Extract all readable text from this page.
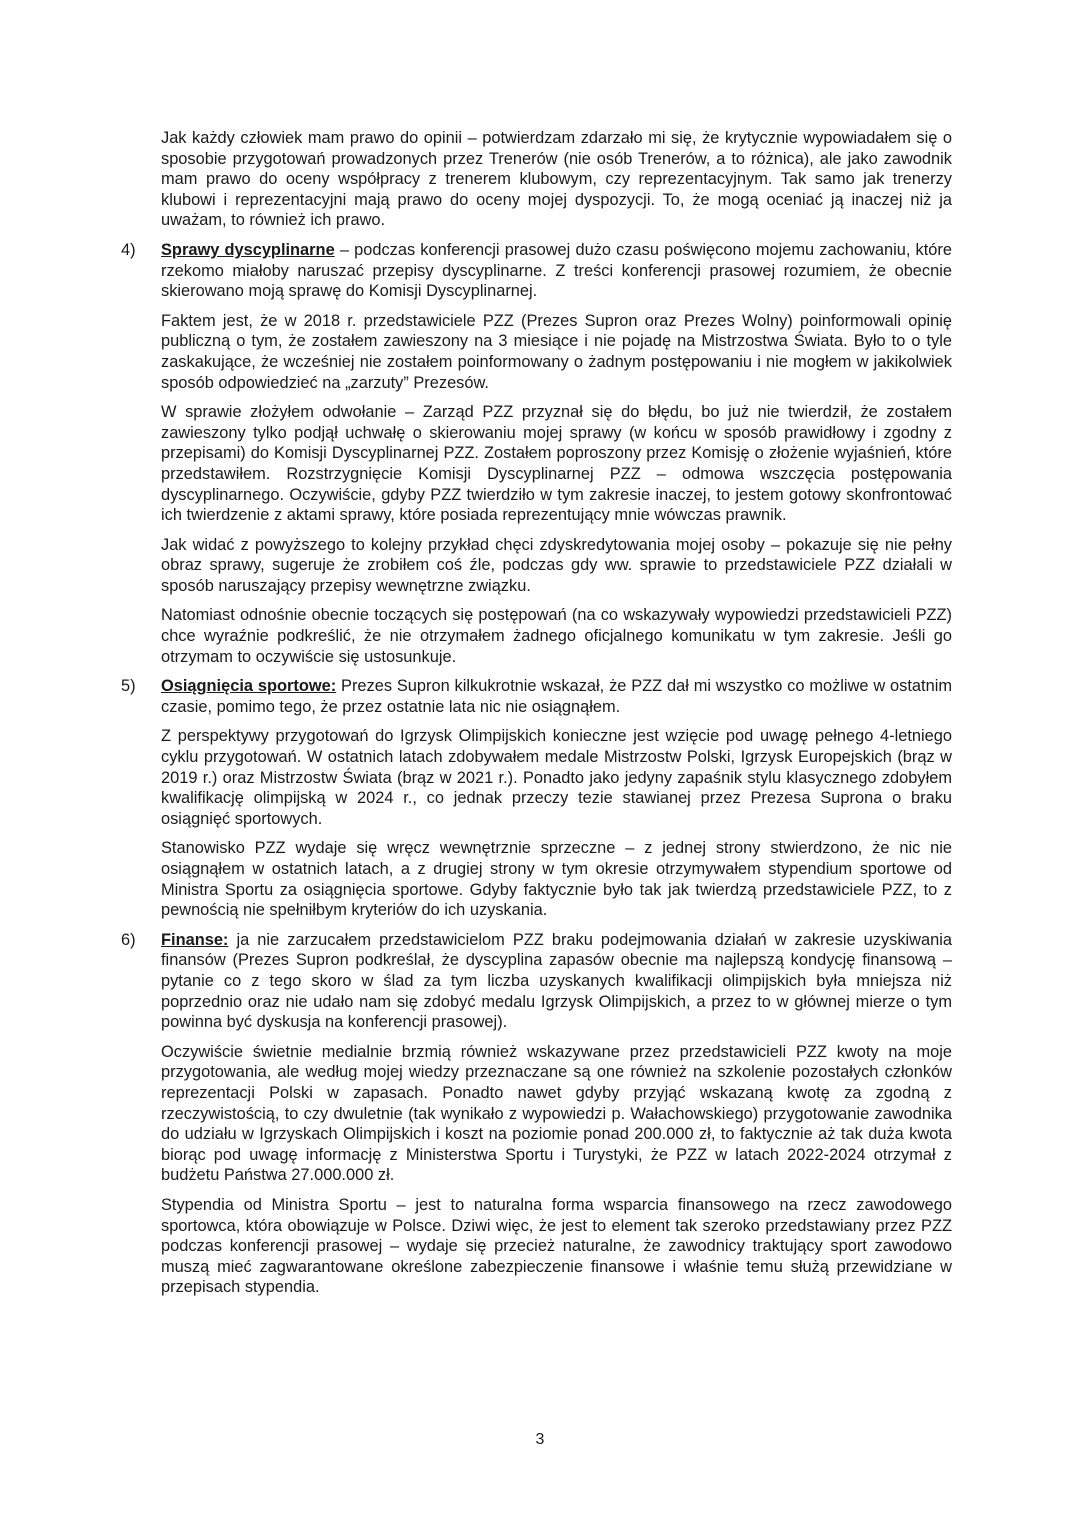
Jak każdy człowiek mam prawo do opinii – potwierdzam zdarzało mi się, że krytycznie wypowiadałem się o sposobie przygotowań prowadzonych przez Trenerów (nie osób Trenerów, a to różnica), ale jako zawodnik mam prawo do oceny współpracy z trenerem klubowym, czy reprezentacyjnym. Tak samo jak trenerzy klubowi i reprezentacyjni mają prawo do oceny mojej dyspozycji. To, że mogą oceniać ją inaczej niż ja uważam, to również ich prawo.

4) Sprawy dyscyplinarne – podczas konferencji prasowej dużo czasu poświęcono mojemu zachowaniu, które rzekomo miałoby naruszać przepisy dyscyplinarne. Z treści konferencji prasowej rozumiem, że obecnie skierowano moją sprawę do Komisji Dyscyplinarnej.

Faktem jest, że w 2018 r. przedstawiciele PZZ (Prezes Supron oraz Prezes Wolny) poinformowali opinię publiczną o tym, że zostałem zawieszony na 3 miesiące i nie pojadę na Mistrzostwa Świata. Było to o tyle zaskakujące, że wcześniej nie zostałem poinformowany o żadnym postępowaniu i nie mogłem w jakikolwiek sposób odpowiedzieć na „zarzuty” Prezesów.

W sprawie złożyłem odwołanie – Zarząd PZZ przyznał się do błędu, bo już nie twierdził, że zostałem zawieszony tylko podjął uchwałę o skierowaniu mojej sprawy (w końcu w sposób prawidłowy i zgodny z przepisami) do Komisji Dyscyplinarnej PZZ. Zostałem poproszony przez Komisję o złożenie wyjaśnień, które przedstawiłem. Rozstrzygnięcie Komisji Dyscyplinarnej PZZ – odmowa wszczęcia postępowania dyscyplinarnego. Oczywiście, gdyby PZZ twierdziło w tym zakresie inaczej, to jestem gotowy skonfrontować ich twierdzenie z aktami sprawy, które posiada reprezentujący mnie wówczas prawnik.

Jak widać z powyższego to kolejny przykład chęci zdyskredytowania mojej osoby – pokazuje się nie pełny obraz sprawy, sugeruje że zrobiłem coś źle, podczas gdy ww. sprawie to przedstawiciele PZZ działali w sposób naruszający przepisy wewnętrzne związku.

Natomiast odnośnie obecnie toczących się postępowań (na co wskazywały wypowiedzi przedstawicieli PZZ) chce wyraźnie podkreślić, że nie otrzymałem żadnego oficjalnego komunikatu w tym zakresie. Jeśli go otrzymam to oczywiście się ustosunkuje.

5) Osiągnięcia sportowe: Prezes Supron kilkukrotnie wskazał, że PZZ dał mi wszystko co możliwe w ostatnim czasie, pomimo tego, że przez ostatnie lata nic nie osiągnąłem.

Z perspektywy przygotowań do Igrzysk Olimpijskich konieczne jest wzięcie pod uwagę pełnego 4-letniego cyklu przygotowań. W ostatnich latach zdobywałem medale Mistrzostw Polski, Igrzysk Europejskich (brąz w 2019 r.) oraz Mistrzostw Świata (brąz w 2021 r.). Ponadto jako jedyny zapaśnik stylu klasycznego zdobyłem kwalifikację olimpijską w 2024 r., co jednak przeczy tezie stawianej przez Prezesa Suprona o braku osiągnięć sportowych.

Stanowisko PZZ wydaje się wręcz wewnętrznie sprzeczne – z jednej strony stwierdzono, że nic nie osiągnąłem w ostatnich latach, a z drugiej strony w tym okresie otrzymywałem stypendium sportowe od Ministra Sportu za osiągnięcia sportowe. Gdyby faktycznie było tak jak twierdzą przedstawiciele PZZ, to z pewnością nie spełniłbym kryteriów do ich uzyskania.

6) Finanse: ja nie zarzucałem przedstawicielom PZZ braku podejmowania działań w zakresie uzyskiwania finansów (Prezes Supron podkreślał, że dyscyplina zapasów obecnie ma najlepszą kondycję finansową – pytanie co z tego skoro w ślad za tym liczba uzyskanych kwalifikacji olimpijskich była mniejsza niż poprzednio oraz nie udało nam się zdobyć medalu Igrzysk Olimpijskich, a przez to w głównej mierze o tym powinna być dyskusja na konferencji prasowej).

Oczywiście świetnie medialnie brzmią również wskazywane przez przedstawicieli PZZ kwoty na moje przygotowania, ale według mojej wiedzy przeznaczane są one również na szkolenie pozostałych członków reprezentacji Polski w zapasach. Ponadto nawet gdyby przyjąć wskazaną kwotę za zgodną z rzeczywistością, to czy dwuletnie (tak wynikało z wypowiedzi p. Wałachowskiego) przygotowanie zawodnika do udziału w Igrzyskach Olimpijskich i koszt na poziomie ponad 200.000 zł, to faktycznie aż tak duża kwota biorąc pod uwagę informację z Ministerstwa Sportu i Turystyki, że PZZ w latach 2022-2024 otrzymał z budżetu Państwa 27.000.000 zł.

Stypendia od Ministra Sportu – jest to naturalna forma wsparcia finansowego na rzecz zawodowego sportowca, która obowiązuje w Polsce. Dziwi więc, że jest to element tak szeroko przedstawiany przez PZZ podczas konferencji prasowej – wydaje się przecież naturalne, że zawodnicy traktujący sport zawodowo muszą mieć zagwarantowane określone zabezpieczenie finansowe i właśnie temu służą przewidziane w przepisach stypendia.

3
